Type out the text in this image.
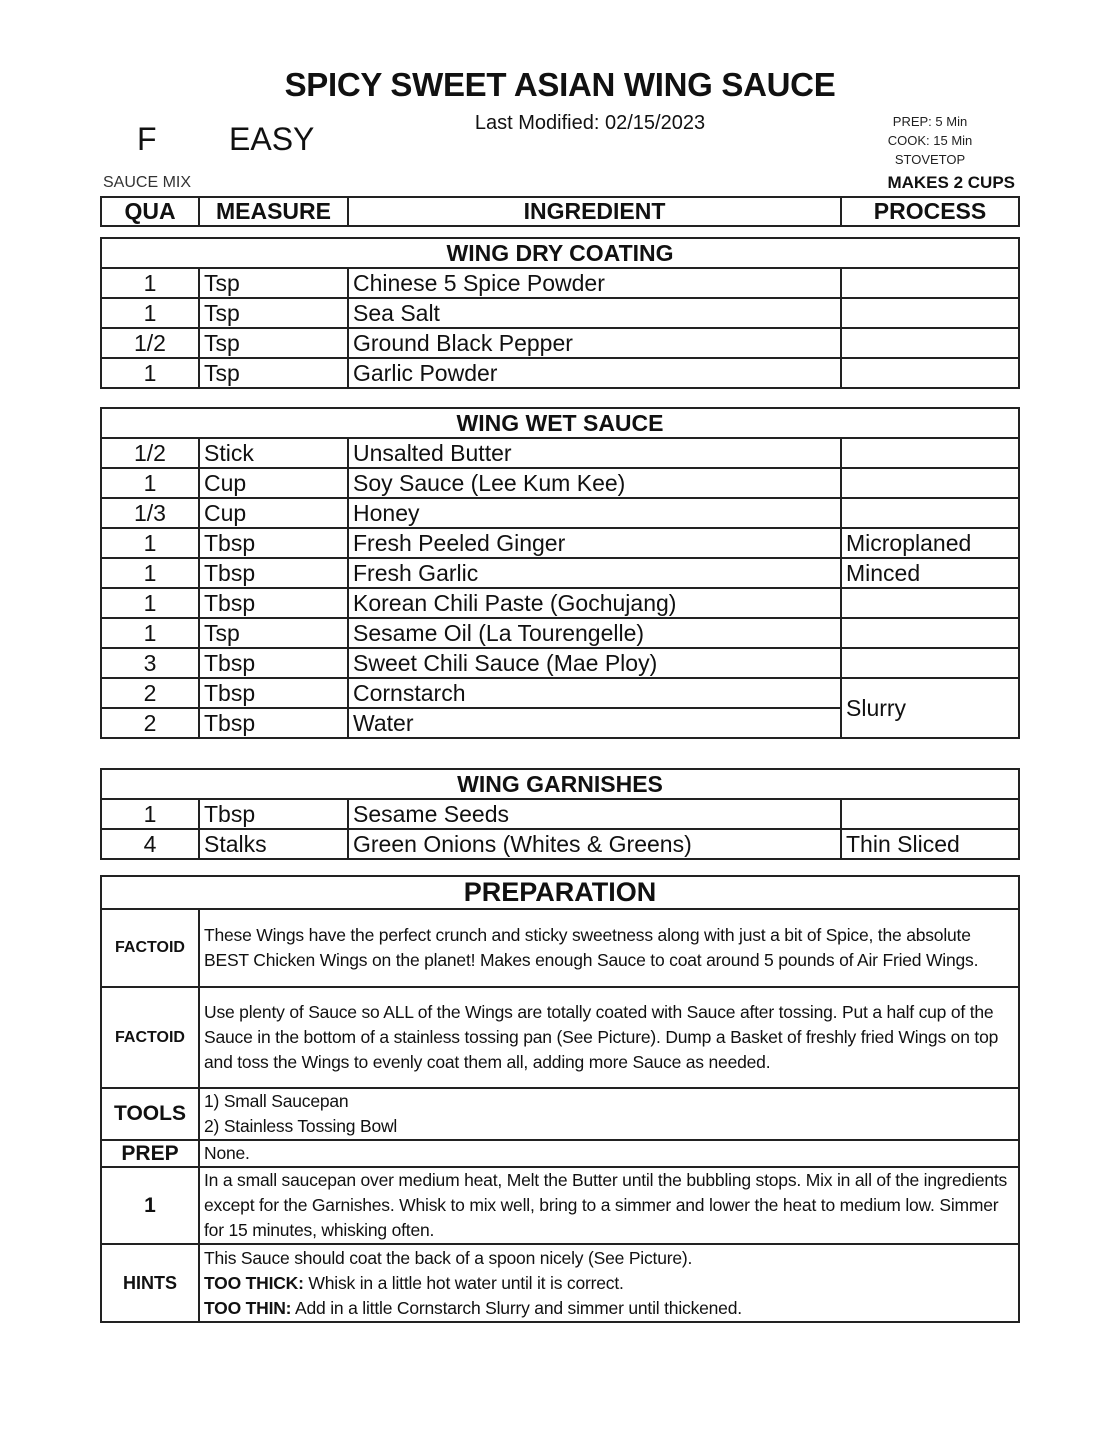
SPICY SWEET ASIAN WING SAUCE
Last Modified: 02/15/2023
F EASY	PREP: 5 Min
COOK: 15 Min
STOVETOP
SAUCE MIX	MAKES 2 CUPS
QUA	MEASURE	INGREDIENT	PROCESS
WING DRY COATING			
1	Tsp	Chinese 5 Spice Powder	
1	Tsp	Sea Salt	
1/2	Tsp	Ground Black Pepper	
1	Tsp	Garlic Powder	
WING WET SAUCE			
1/2	Stick	Unsalted Butter	
1	Cup	Soy Sauce (Lee Kum Kee)	
1/3	Cup	Honey	
1	Tbsp	Fresh Peeled Ginger	Microplaned
1	Tbsp	Fresh Garlic	Minced
1	Tbsp	Korean Chili Paste (Gochujang)	
1	Tsp	Sesame Oil (La Tourengelle)	
3	Tbsp	Sweet Chili Sauce (Mae Ploy)	
2	Tbsp	Cornstarch	Slurry
2	Tbsp	Water	
WING GARNISHES			
1	Tbsp	Sesame Seeds	
4	Stalks	Green Onions (Whites & Greens)	Thin Sliced
PREPARATION	
FACTOID	These Wings have the perfect crunch and sticky sweetness along with just a bit of Spice, the absolute BEST Chicken Wings on the planet! Makes enough Sauce to coat around 5 pounds of Air Fried Wings.
FACTOID	Use plenty of Sauce so ALL of the Wings are totally coated with Sauce after tossing. Put a half cup of the Sauce in the bottom of a stainless tossing pan (See Picture). Dump a Basket of freshly fried Wings on top and toss the Wings to evenly coat them all, adding more Sauce as needed.
TOOLS	1) Small Saucepan
2) Stainless Tossing Bowl

PREP	None.
1	In a small saucepan over medium heat, Melt the Butter until the bubbling stops. Mix in all of the ingredients except for the Garnishes. Whisk to mix well, bring to a simmer and lower the heat to medium low. Simmer for 15 minutes, whisking often.
HINTS	This Sauce should coat the back of a spoon nicely (See Picture).
TOO THICK: Whisk in a little hot water until it is correct.
TOO THIN: Add in a little Cornstarch Slurry and simmer until thickened.
